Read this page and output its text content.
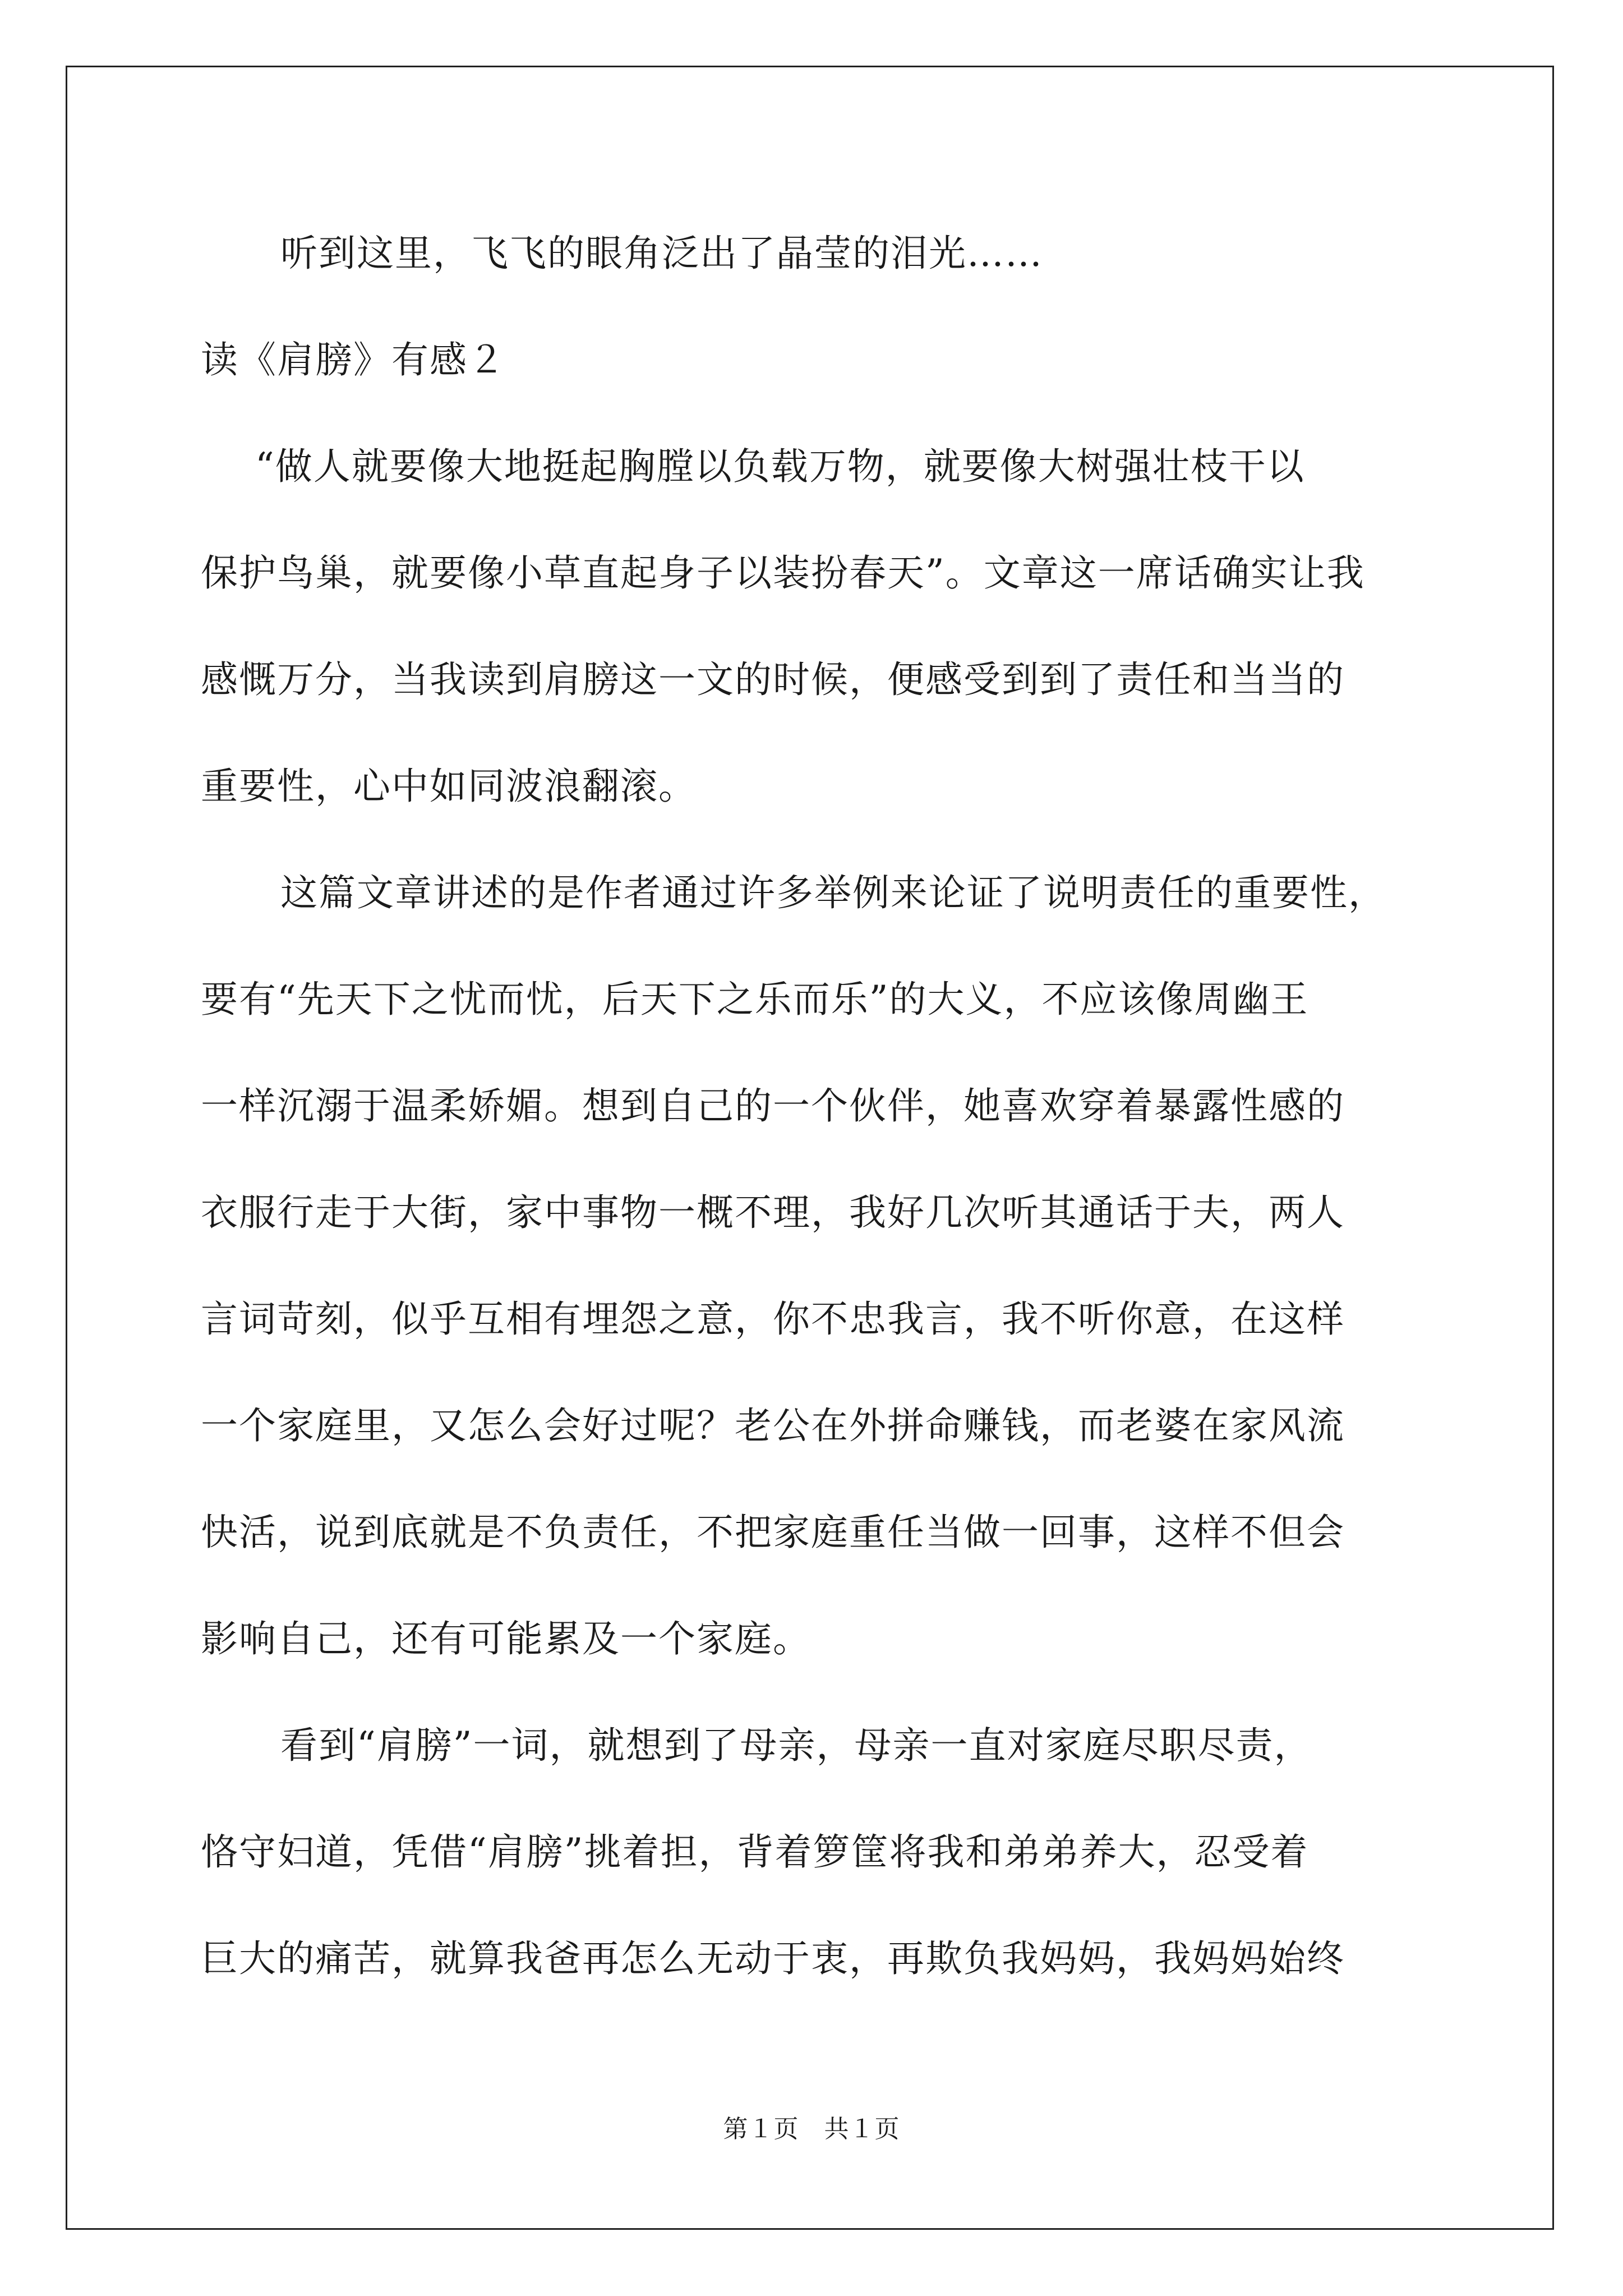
听到这里，飞飞的眼角泛出了晶莹的泪光……
读《肩膀》有感２
“做人就要像大地挺起胸膛以负载万物，就要像大树强壮枝干以
保护鸟巢，就要像小草直起身子以装扮春天”。文章这一席话确实让我
感慨万分，当我读到肩膀这一文的时候，便感受到到了责任和当当的
重要性，心中如同波浪翻滚。
这篇文章讲述的是作者通过许多举例来论证了说明责任的重要性，
要有“先天下之忧而忧，后天下之乐而乐”的大义，不应该像周幽王
一样沉溺于温柔娇媚。想到自己的一个伙伴，她喜欢穿着暴露性感的
衣服行走于大街，家中事物一概不理，我好几次听其通话于夫，两人
言词苛刻，似乎互相有埋怨之意，你不忠我言，我不听你意，在这样
一个家庭里，又怎么会好过呢？老公在外拼命赚钱，而老婆在家风流
快活，说到底就是不负责任，不把家庭重任当做一回事，这样不但会
影响自己，还有可能累及一个家庭。
看到“肩膀”一词，就想到了母亲，母亲一直对家庭尽职尽责，
恪守妇道，凭借“肩膀”挑着担，背着箩筐将我和弟弟养大，忍受着
巨大的痛苦，就算我爸再怎么无动于衷，再欺负我妈妈，我妈妈始终
第１页　共１页
